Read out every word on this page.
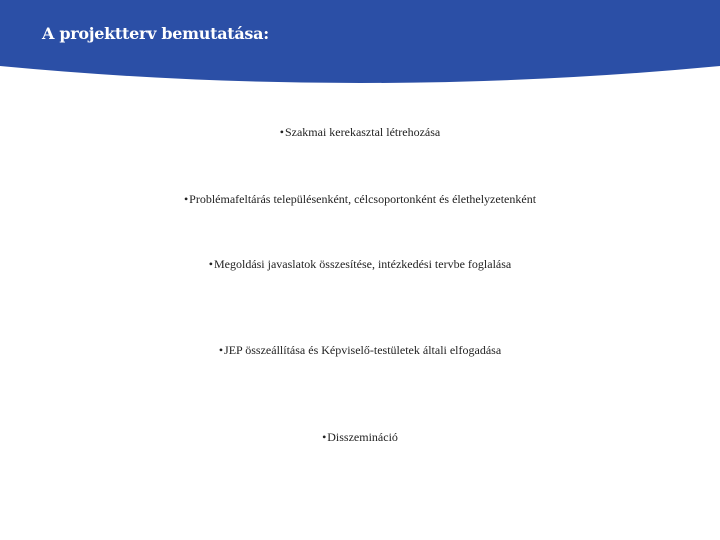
A projektterv bemutatása:
•Szakmai kerekasztal létrehozása
•Problémafeltárás településenként, célcsoportonként és élethelyzetenként
•Megoldási javaslatok összesítése, intézkedési tervbe foglalása
•JEP összeállítása és Képviselő-testületek általi elfogadása
•Disszemináció
